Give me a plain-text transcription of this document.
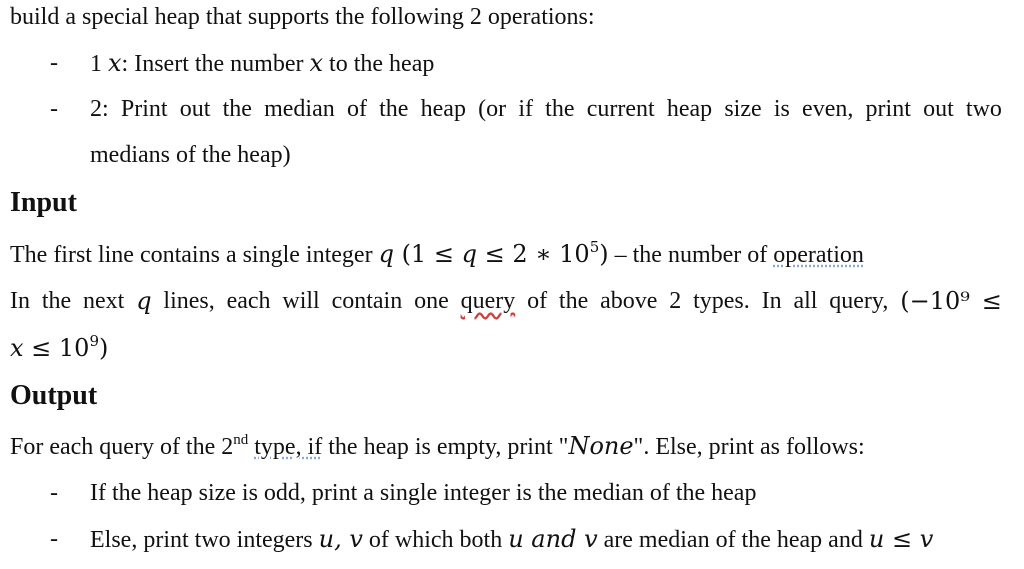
build a special heap that supports the following 2 operations:
- 1 x: Insert the number x to the heap
- 2: Print out the median of the heap (or if the current heap size is even, print out two
medians of the heap)
Input
The first line contains a single integer q (1 ≤ q ≤ 2 ∗ $10^5$) – the number of operation
In the next q lines, each will contain one query of the above 2 types. In all query, (−10⁹ ≤
$x \le 10^9$)
Output
For each query of the 2nd type, if the heap is empty, print "None". Else, print as follows:
- If the heap size is odd, print a single integer is the median of the heap
- Else, print two integers u, v of which both u and v are median of the heap and u ≤ v
